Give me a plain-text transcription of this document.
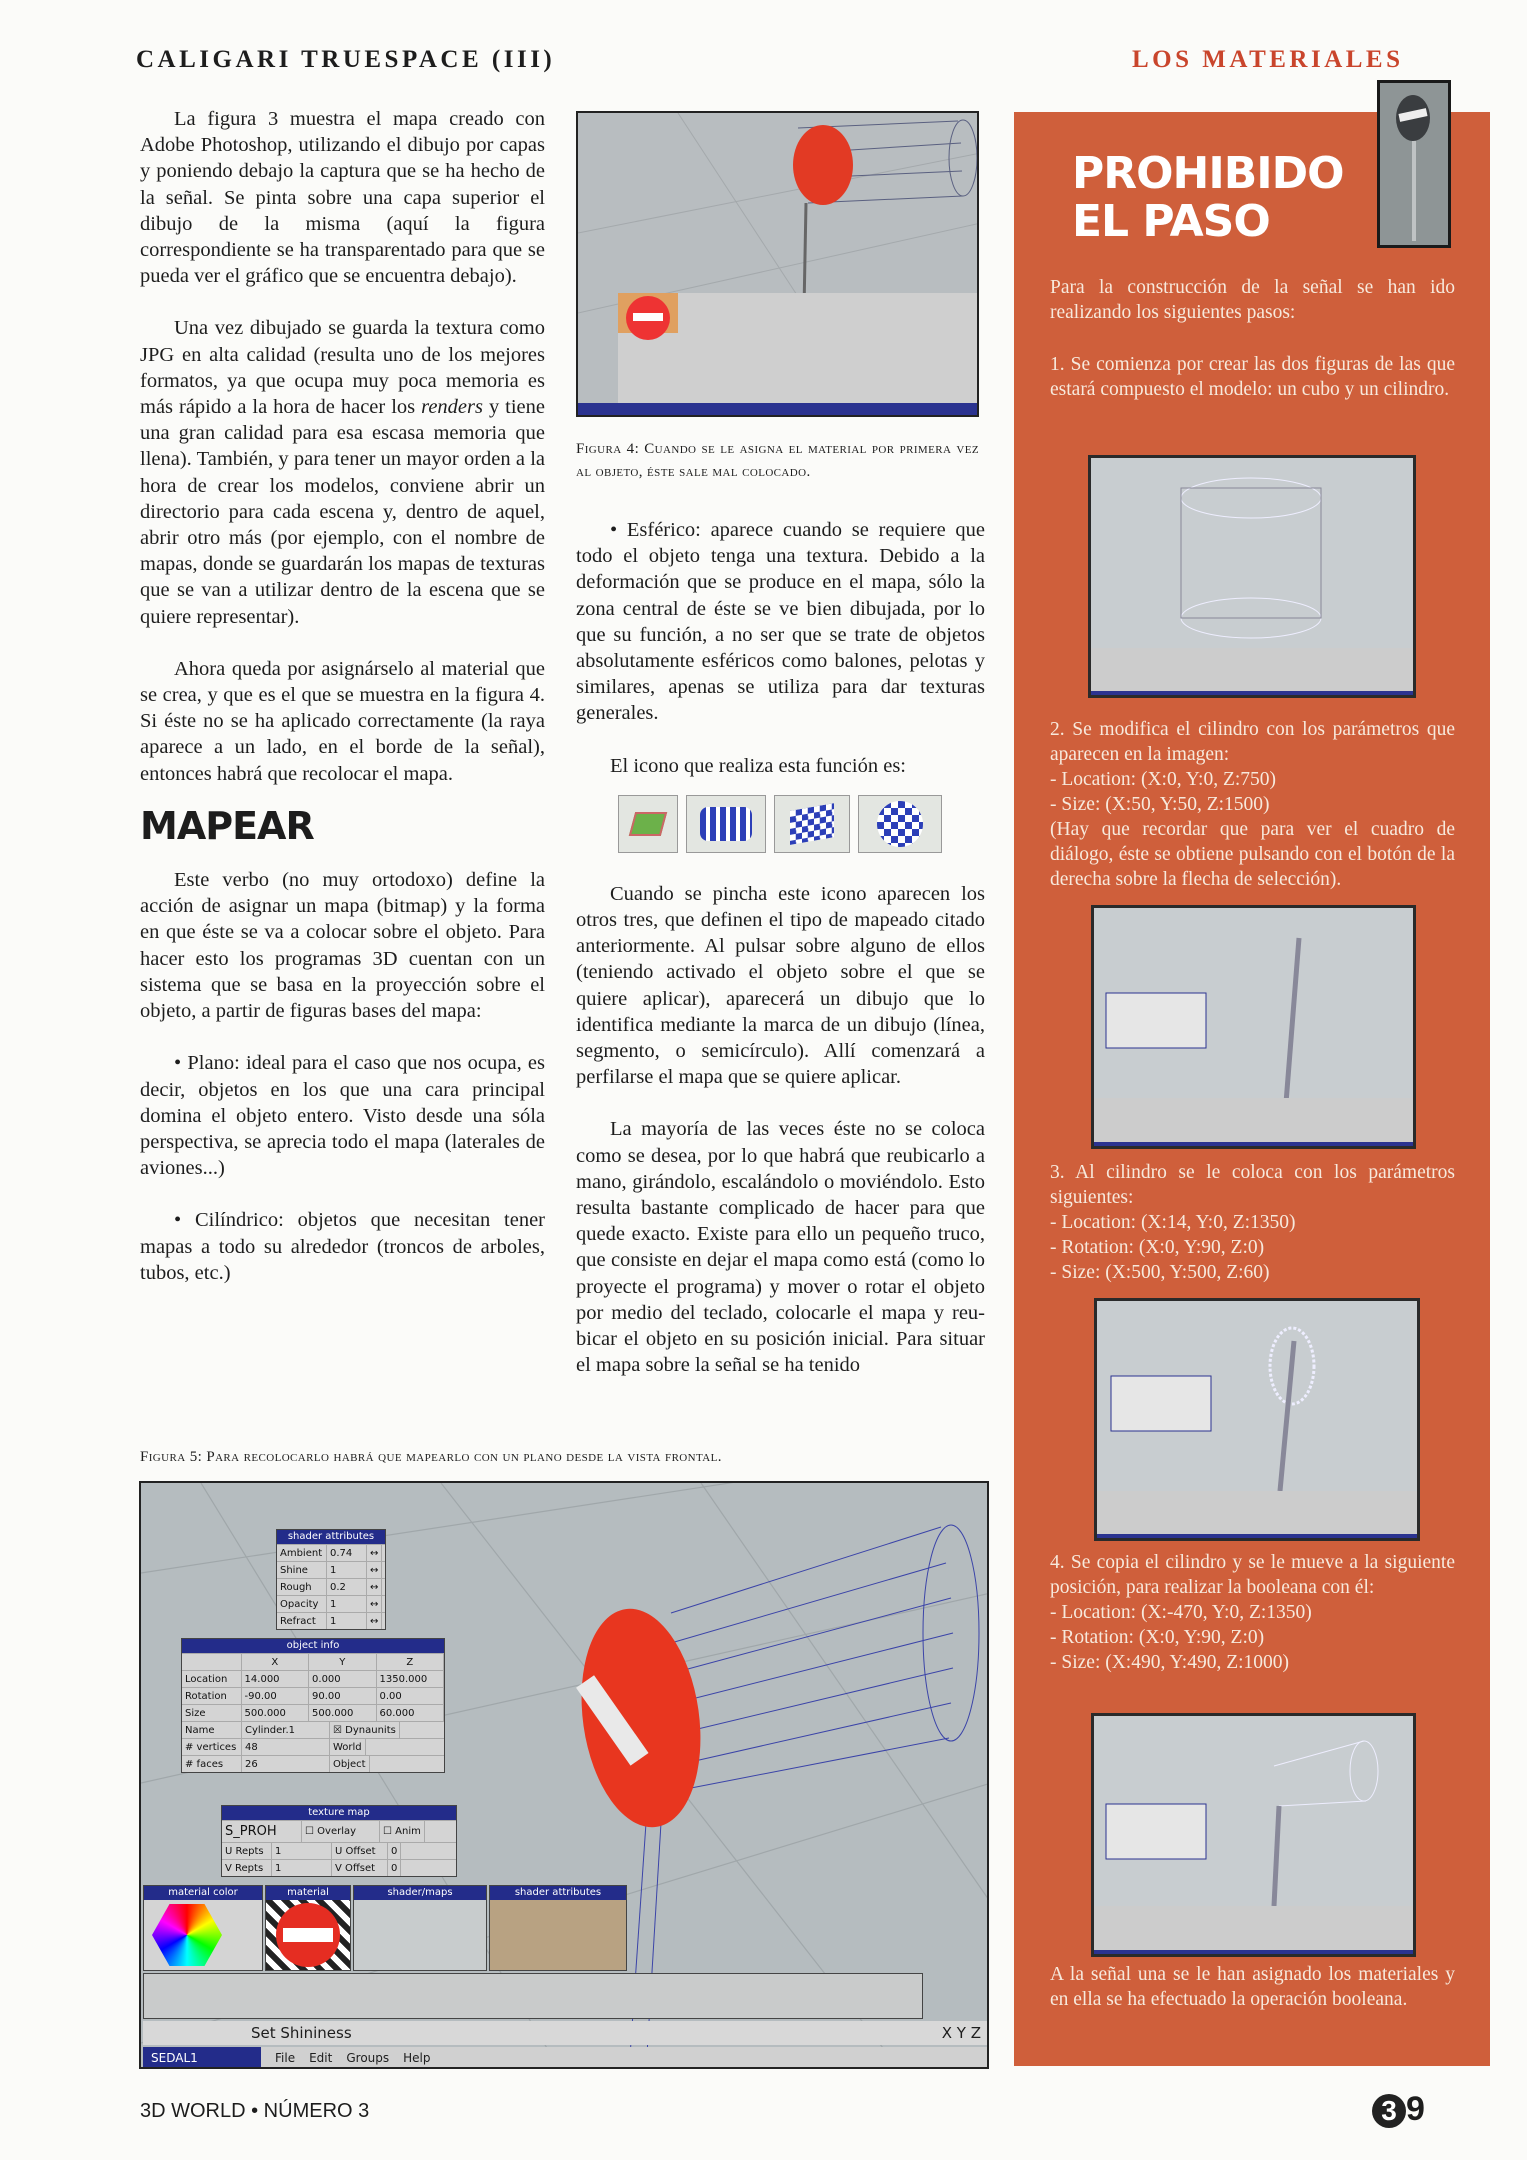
CALIGARI TRUESPACE (III)	LOS MATERIALES

La figura 3 muestra el mapa creado con Adobe Photoshop, utilizando el dibujo por capas y poniendo debajo la captura que se ha hecho de la señal. Se pinta sobre una capa superior el dibujo de la misma (aquí la figura correspondiente se ha transparentado para que se pueda ver el gráfico que se encuentra debajo).

Una vez dibujado se guarda la textura como JPG en alta calidad (resulta uno de los mejores formatos, ya que ocupa muy poca memoria es más rápido a la hora de hacer los renders y tiene una gran calidad para esa escasa memoria que llena). También, y para tener un mayor orden a la hora de crear los modelos, conviene abrir un directorio para cada escena y, dentro de aquel, abrir otro más (por ejemplo, con el nombre de mapas, donde se guardarán los mapas de texturas que se van a utilizar dentro de la escena que se quiere representar).

Ahora queda por asignárselo al material que se crea, y que es el que se muestra en la figura 4. Si éste no se ha aplicado correctamente (la raya aparece a un lado, en el borde de la señal), entonces habrá que recolocar el mapa.

MAPEAR

Este verbo (no muy ortodoxo) define la acción de asignar un mapa (bitmap) y la forma en que éste se va a colocar sobre el objeto. Para hacer esto los programas 3D cuentan con un sistema que se basa en la proyección sobre el objeto, a partir de figuras bases del mapa:

• Plano: ideal para el caso que nos ocupa, es decir, objetos en los que una cara principal domina el objeto entero. Visto desde una sóla perspectiva, se aprecia todo el mapa (laterales de aviones...)

• Cilíndrico: objetos que necesitan tener mapas a todo su alrededor (troncos de arboles, tubos, etc.)

Figura 4: Cuando se le asigna el material por primera vez al objeto, éste sale mal colocado.

• Esférico: aparece cuando se requiere que todo el objeto tenga una textura. Debido a la deformación que se produce en el mapa, sólo la zona central de éste se ve bien dibujada, por lo que su función, a no ser que se trate de objetos absolutamente esféricos como balones, pelotas y similares, apenas se utiliza para dar texturas generales.

El icono que realiza esta función es:

Cuando se pincha este icono aparecen los otros tres, que definen el tipo de mapeado citado anteriormente. Al pulsar sobre alguno de ellos (teniendo activado el objeto sobre el que se quiere aplicar), aparecerá un dibujo que lo identifica mediante la marca de un dibujo (línea, segmento, o semicírculo). Allí comenzará a perfilarse el mapa que se quiere aplicar.

La mayoría de las veces éste no se coloca como se desea, por lo que habrá que reubicarlo a mano, girándolo, escalándolo o moviéndolo. Esto resulta bastante complicado de hacer para que quede exacto. Existe para ello un pequeño truco, que consiste en dejar el mapa como está (como lo proyecte el programa) y mover o rotar el objeto por medio del teclado, colocarle el mapa y reubicar el objeto en su posición inicial. Para situar el mapa sobre la señal se ha tenido

Figura 5: Para recolocarlo habrá que mapearlo con un plano desde la vista frontal.
shader attributes
Ambient 0.74	↔
Shine	1	↔
Rough	0.2	↔
Opacity	1	↔
Refract	1	↔
object info
X	Y	Z
Location	14.000	0.000	1350.000
Rotation	-90.00	90.00	0.00
Size	500.000	500.000	60.000
Name	Cylinder.1	☒ Dynaunits
# vertices 48	World
# faces	26	Object
texture map
S_PROH	☐ Overlay	☐ Anim
U Repts	1	U Offset	0
V Repts	1	V Offset	0
material color	material	shader/maps	shader attributes
Set Shininess	X Y Z
SEDAL1	File Edit Groups Help
PROHIBIDO
EL PASO
Para la construcción de la señal se han ido realizando los siguientes pasos:
1. Se comienza por crear las dos figuras de las que estará compuesto el modelo: un cubo y un cilindro.
2. Se modifica el cilindro con los parámetros que aparecen en la imagen:
- Location: (X:0, Y:0, Z:750)
- Size: (X:50, Y:50, Z:1500)
(Hay que recordar que para ver el cuadro de diálogo, éste se obtiene pulsando con el botón de la derecha sobre la flecha de selección).
3. Al cilindro se le coloca con los parámetros siguientes:
- Location: (X:14, Y:0, Z:1350)
- Rotation: (X:0, Y:90, Z:0)
- Size: (X:500, Y:500, Z:60)
4. Se copia el cilindro y se le mueve a la siguiente posición, para realizar la booleana con él:
- Location: (X:-470, Y:0, Z:1350)
- Rotation: (X:0, Y:90, Z:0)
- Size: (X:490, Y:490, Z:1000)
A la señal una se le han asignado los materiales y en ella se ha efectuado la operación booleana.
3D WORLD • NÚMERO 3	3 9
